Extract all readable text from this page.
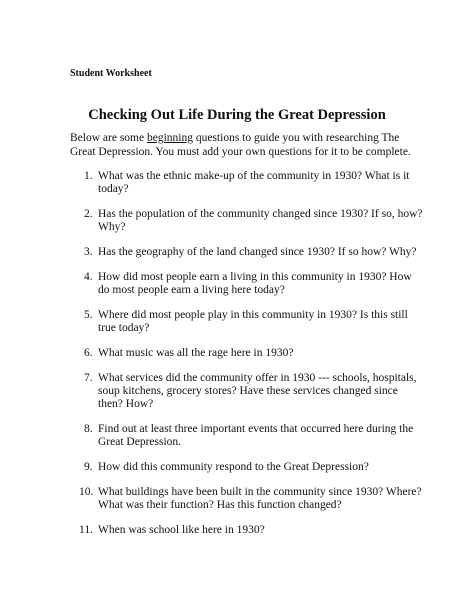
Student Worksheet
Checking Out Life During the Great Depression
Below are some beginning questions to guide you with researching The
Great Depression. You must add your own questions for it to be complete.
1. What was the ethnic make-up of the community in 1930? What is it
today?
2. Has the population of the community changed since 1930? If so, how?
Why?
3. Has the geography of the land changed since 1930? If so how? Why?
4. How did most people earn a living in this community in 1930? How
do most people earn a living here today?
5. Where did most people play in this community in 1930? Is this still
true today?
6. What music was all the rage here in 1930?
7. What services did the community offer in 1930 --- schools, hospitals,
soup kitchens, grocery stores? Have these services changed since
then? How?
8. Find out at least three important events that occurred here during the
Great Depression.
9. How did this community respond to the Great Depression?
10. What buildings have been built in the community since 1930? Where?
What was their function? Has this function changed?
11. When was school like here in 1930?
